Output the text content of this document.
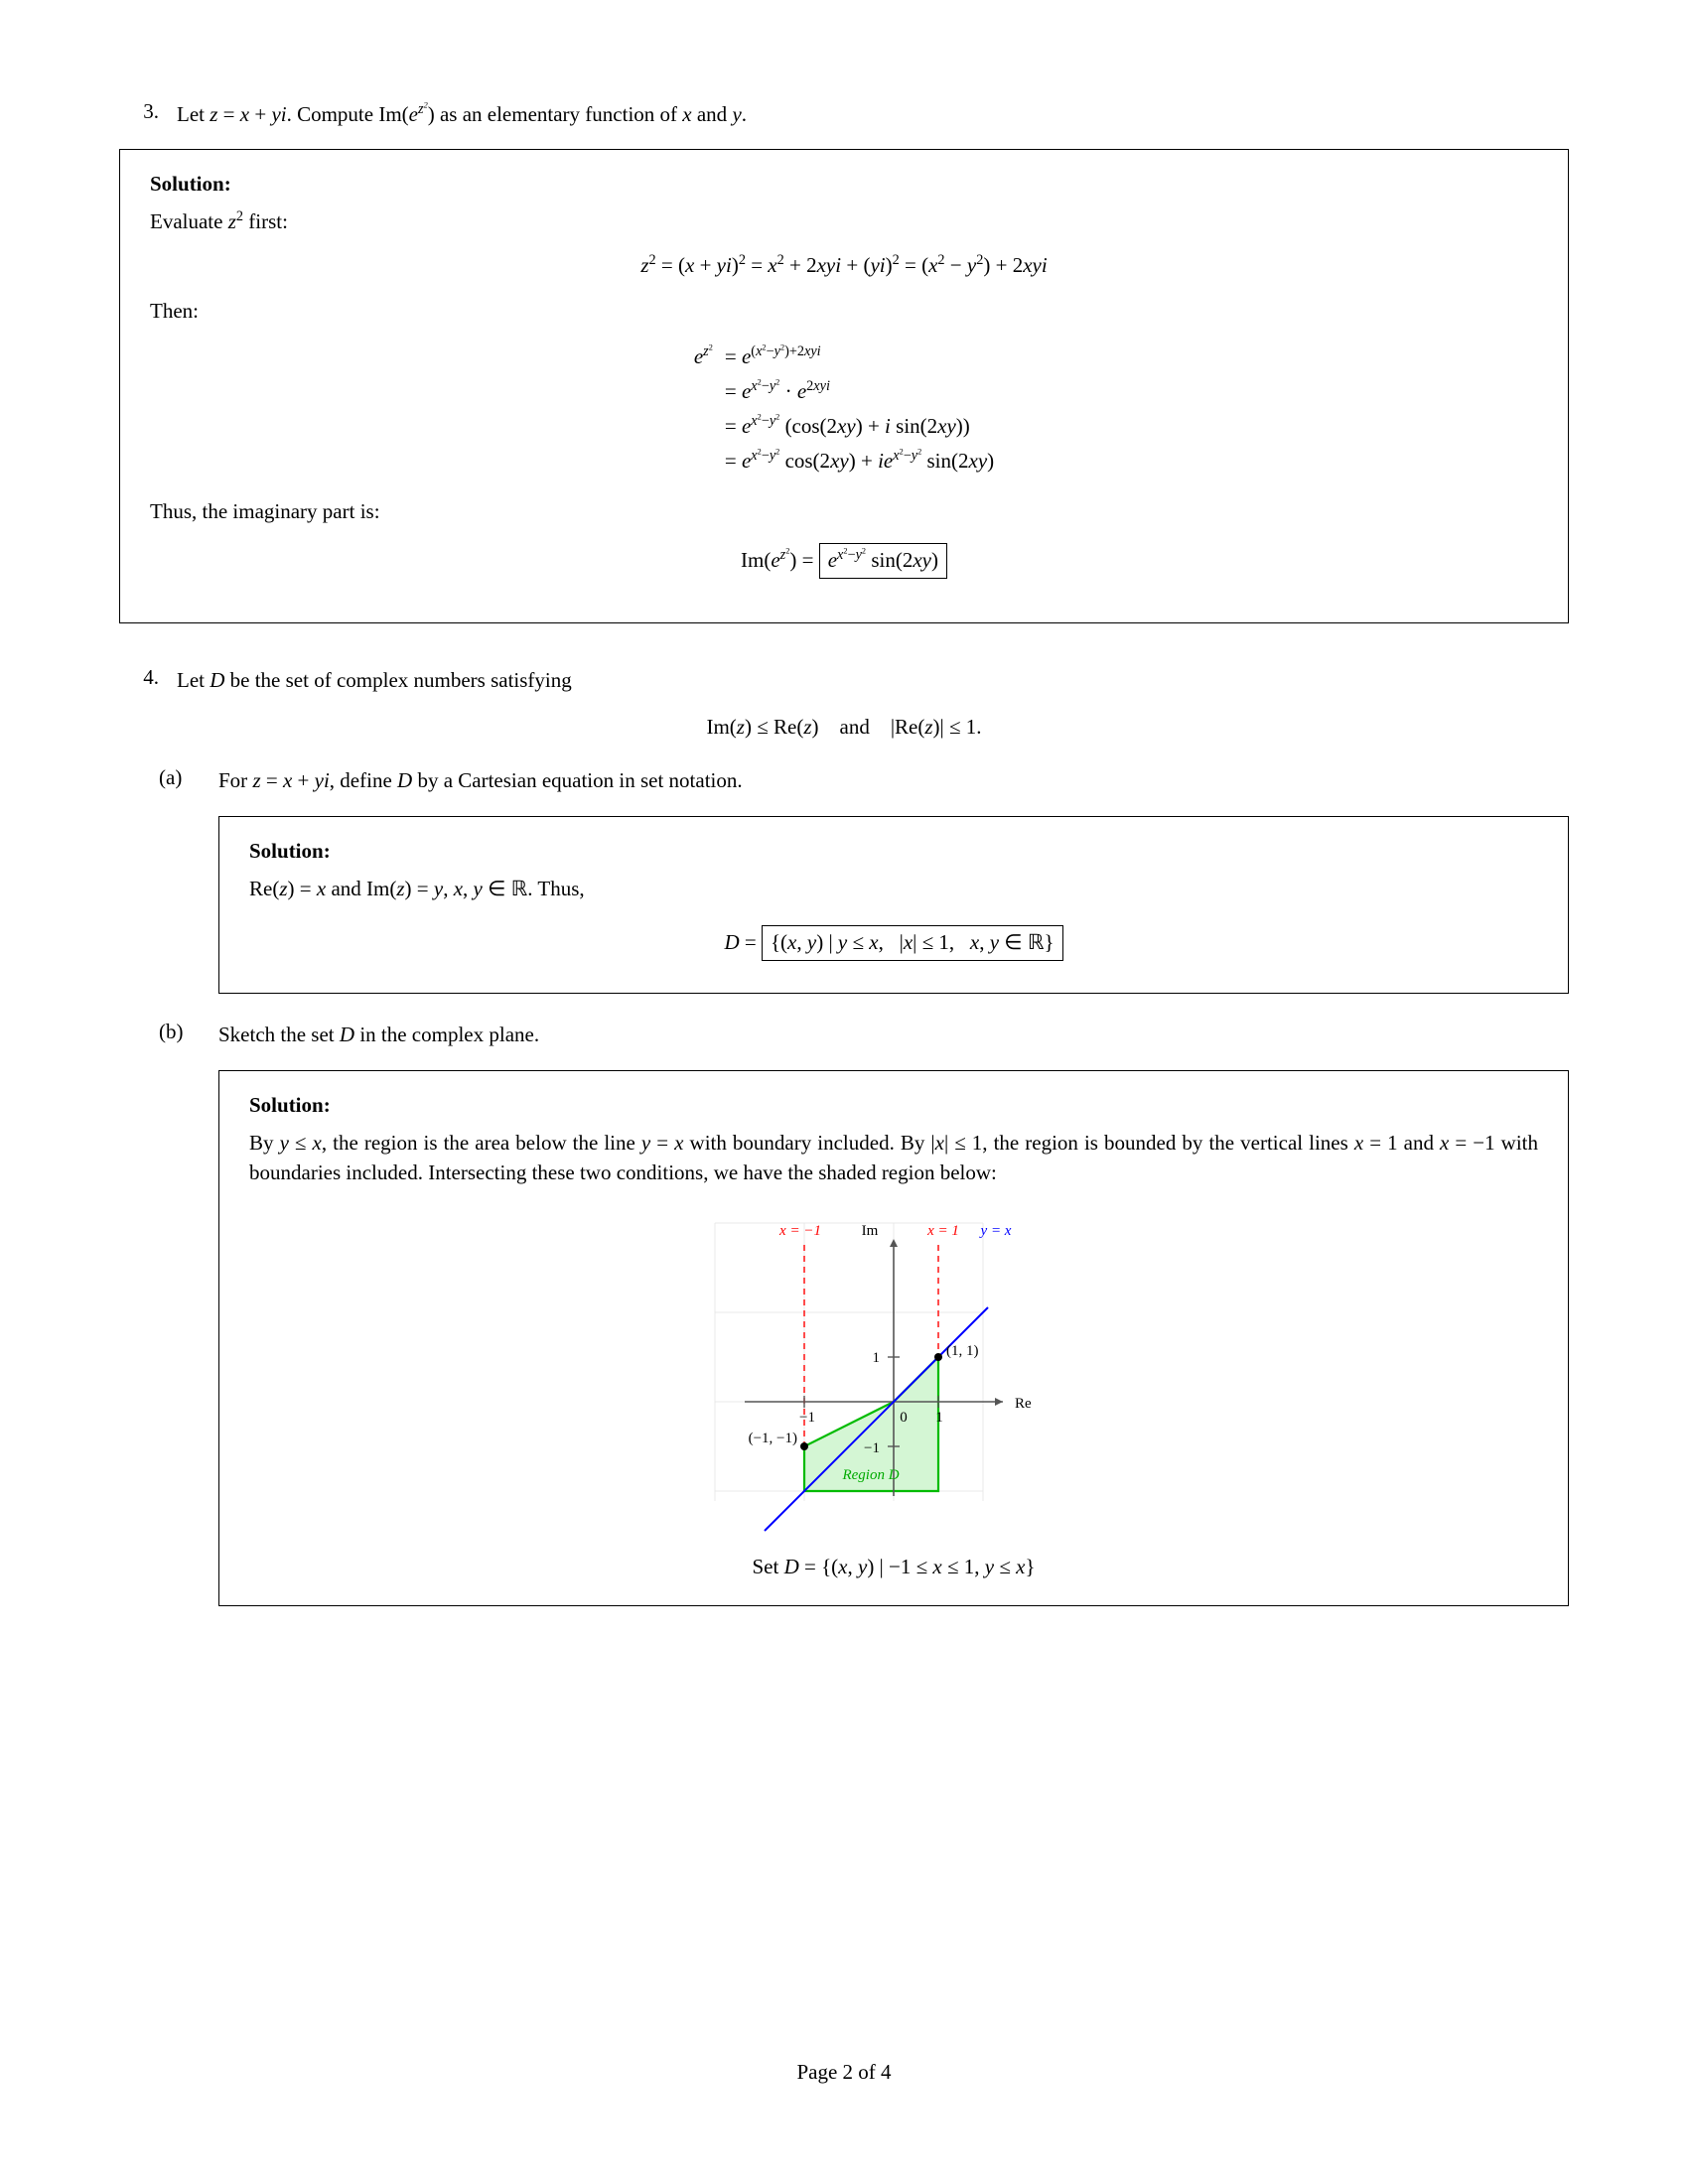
3. Let z = x + yi. Compute $Im(e^{z^2})$ as an elementary function of x and y.
Solution:

Evaluate $z^2$ first:

$z^2 = (x + yi)^2 = x^2 + 2xyi + (yi)^2 = (x^2 - y^2) + 2xyi$

Then:

$e^{z^2}$	= $e^{(x^2-y^2)+2xyi}$
	= $e^{x^2-y^2} \cdot e^{2xyi}$
	= $e^{x^2-y^2}$ (cos(2xy) + i sin(2xy))
	= $e^{x^2-y^2}$ $\cos(2xy) + ie^{x^2-y^2}$ sin(2xy)

Thus, the imaginary part is:

$Im(e^{z^2}) = e^{x^2-y^2}$ sin(2xy)
4. Let D be the set of complex numbers satisfying
Im(z) ≤ Re(z) and |Re(z)| ≤ 1.
(a)	For z = x + yi, define D by a Cartesian equation in set notation.
Solution:

Re(z) = x and Im(z) = y, x, y ∈ ℝ. Thus,

D = {(x, y) | y ≤ x, |x| ≤ 1, x, y ∈ ℝ}
(b)	Sketch the set D in the complex plane.
Solution:

By y ≤ x, the region is the area below the line y = x with boundary included. By |x| ≤ 1, the region is bounded by the vertical lines x = 1 and x = −1 with boundaries included. Intersecting these two conditions, we have the shaded region below:

x = −1	x = 1 y = x
Im
Re
1
−1
0 1
−1
(1, 1)
(−1, −1)
Region D
Set D = {(x, y) | −1 ≤ x ≤ 1, y ≤ x}
Page 2 of 4
